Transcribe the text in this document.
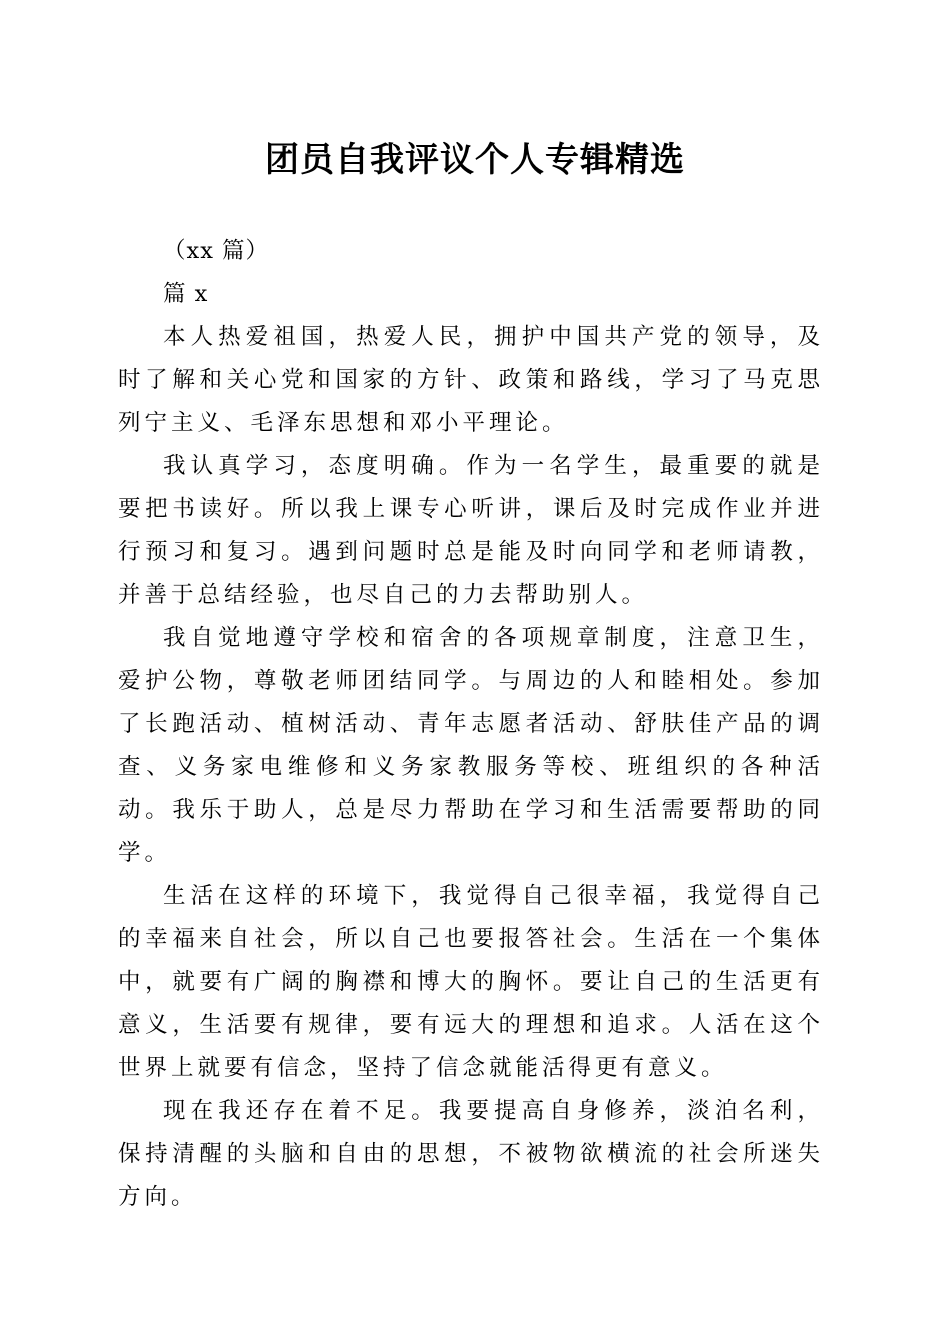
团员自我评议个人专辑精选

（xx 篇）

篇 x

本人热爱祖国，热爱人民，拥护中国共产党的领导，及时了解和关心党和国家的方针、政策和路线，学习了马克思列宁主义、毛泽东思想和邓小平理论。

我认真学习，态度明确。作为一名学生，最重要的就是要把书读好。所以我上课专心听讲，课后及时完成作业并进行预习和复习。遇到问题时总是能及时向同学和老师请教，并善于总结经验，也尽自己的力去帮助别人。

我自觉地遵守学校和宿舍的各项规章制度，注意卫生，爱护公物，尊敬老师团结同学。与周边的人和睦相处。参加了长跑活动、植树活动、青年志愿者活动、舒肤佳产品的调查、义务家电维修和义务家教服务等校、班组织的各种活动。我乐于助人，总是尽力帮助在学习和生活需要帮助的同学。

生活在这样的环境下，我觉得自己很幸福，我觉得自己的幸福来自社会，所以自己也要报答社会。生活在一个集体中，就要有广阔的胸襟和博大的胸怀。要让自己的生活更有意义，生活要有规律，要有远大的理想和追求。人活在这个世界上就要有信念，坚持了信念就能活得更有意义。

现在我还存在着不足。我要提高自身修养，淡泊名利，保持清醒的头脑和自由的思想，不被物欲横流的社会所迷失方向。
